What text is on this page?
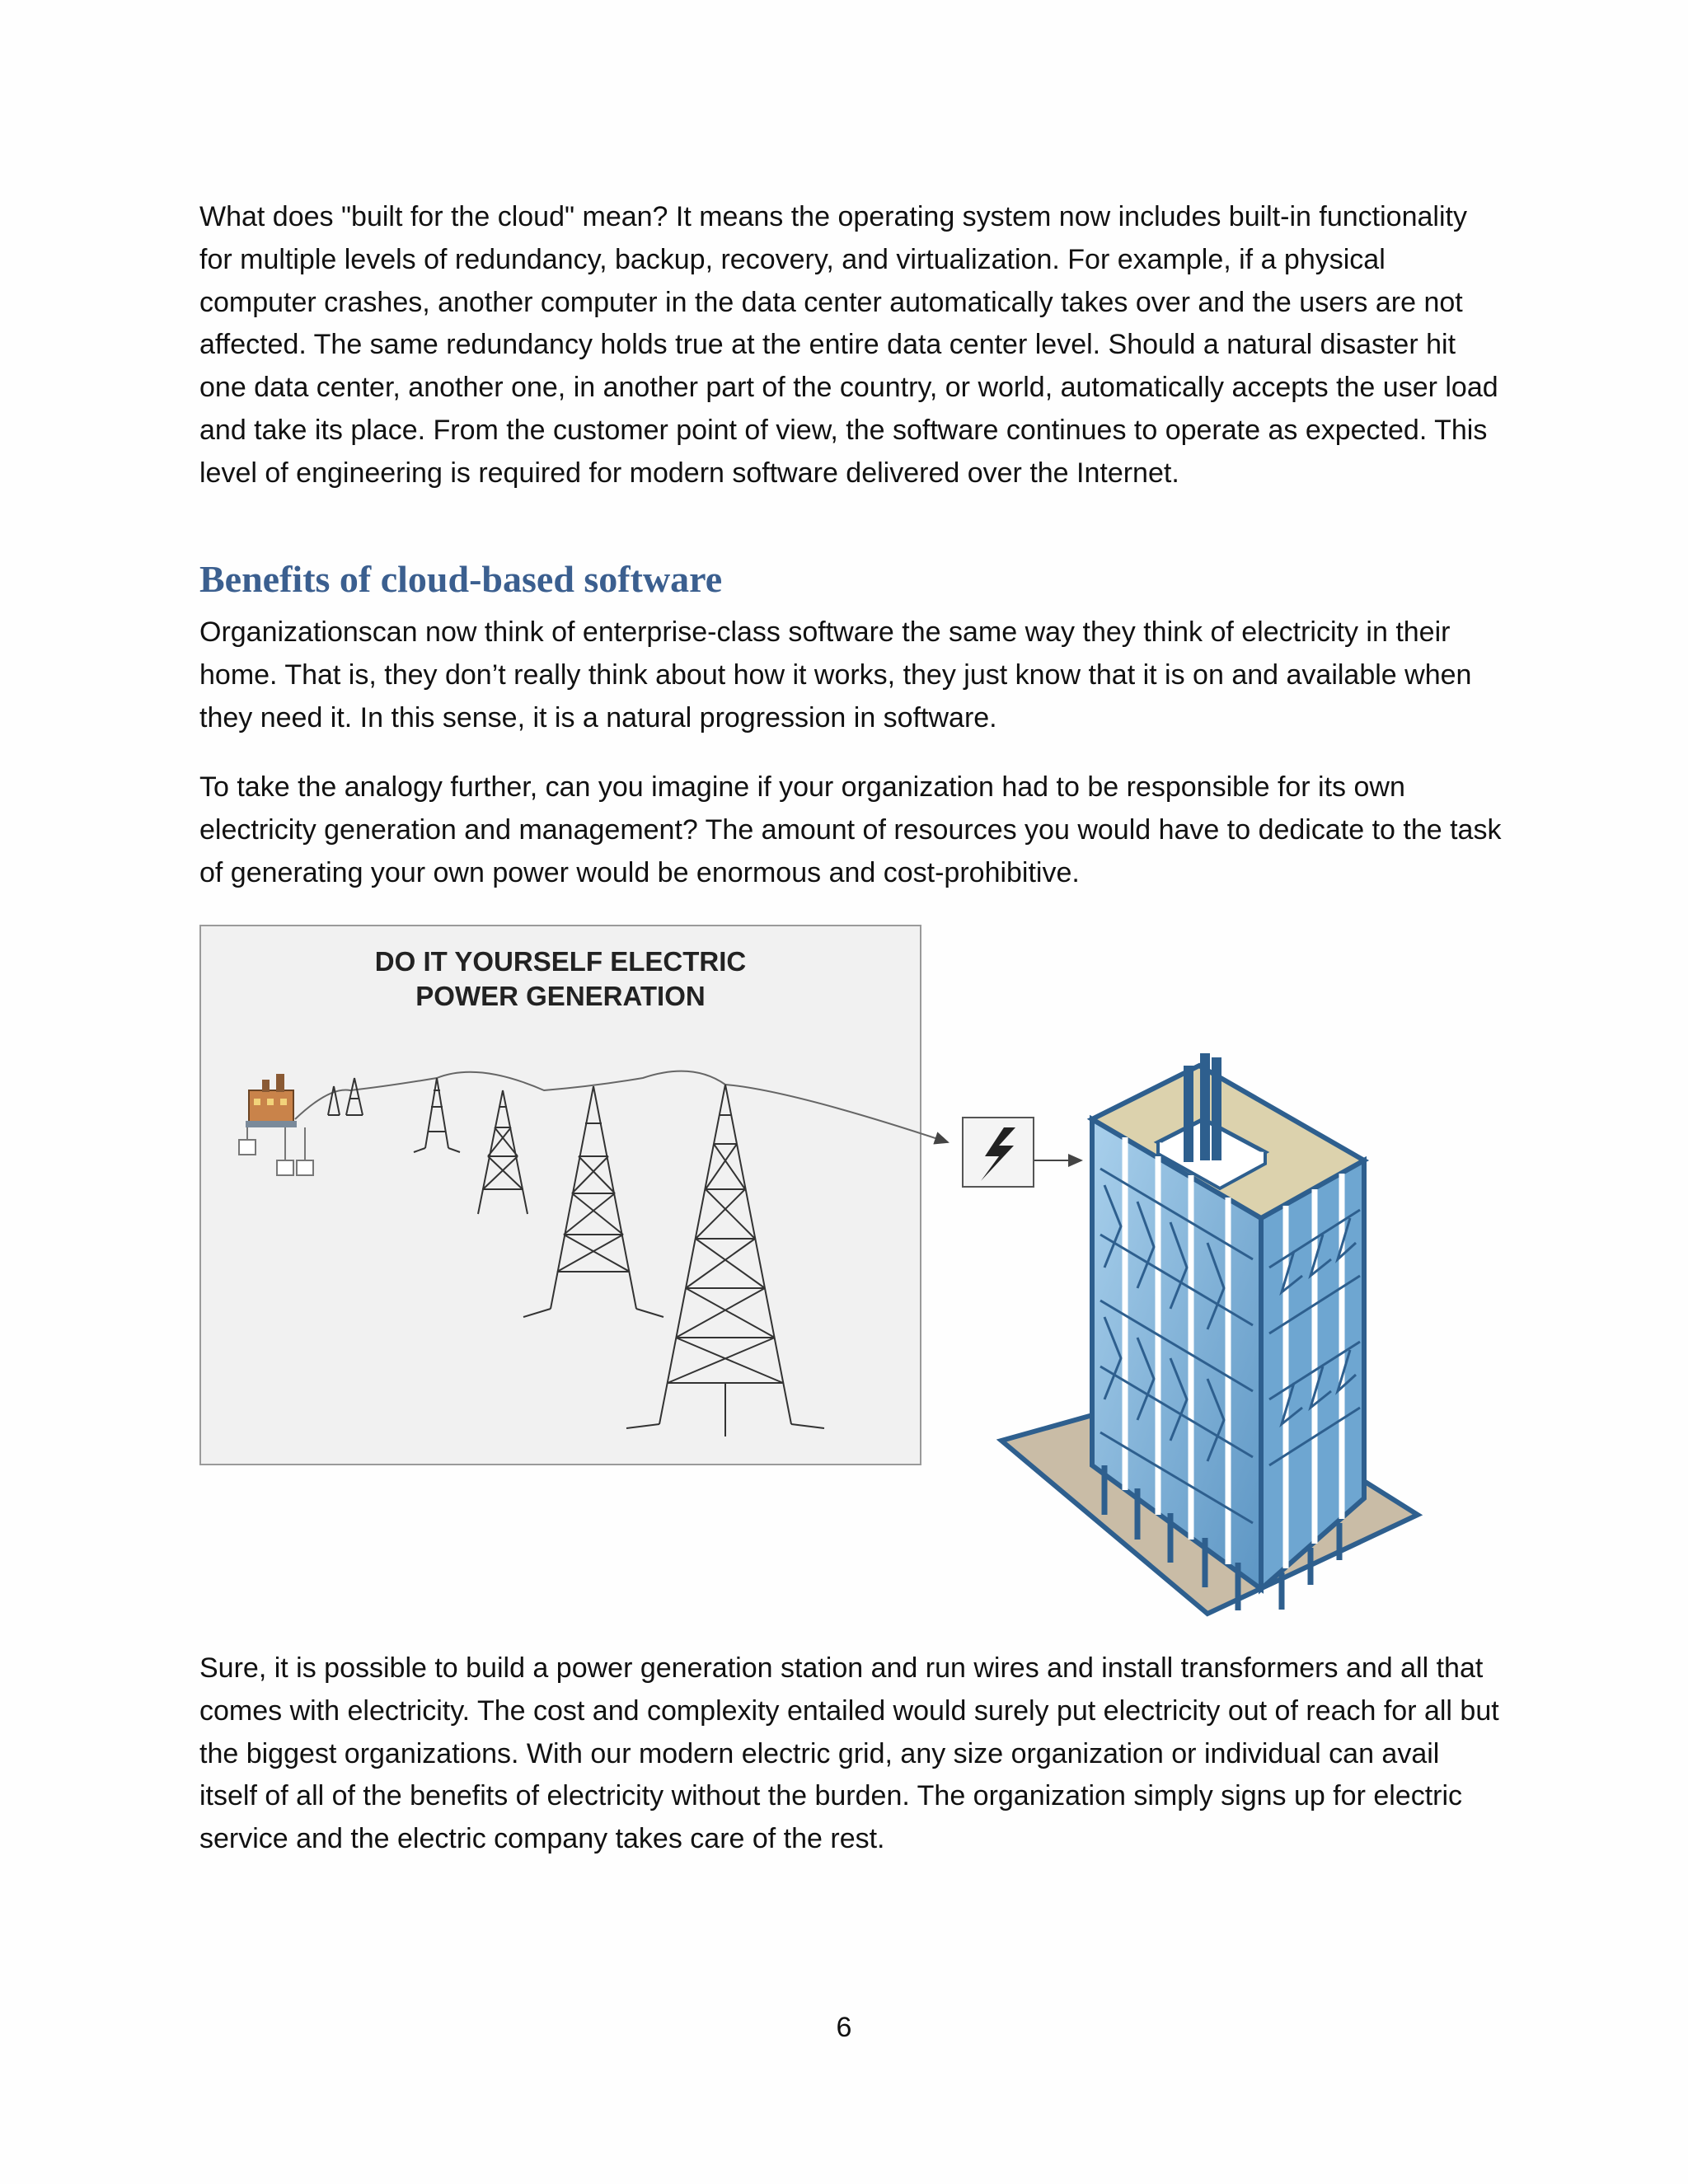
What does "built for the cloud" mean? It means the operating system now includes built-in functionality for multiple levels of redundancy, backup, recovery, and virtualization. For example, if a physical computer crashes, another computer in the data center automatically takes over and the users are not affected. The same redundancy holds true at the entire data center level. Should a natural disaster hit one data center, another one, in another part of the country, or world, automatically accepts the user load and take its place. From the customer point of view, the software continues to operate as expected. This level of engineering is required for modern software delivered over the Internet.

Benefits of cloud-based software

Organizationscan now think of enterprise-class software the same way they think of electricity in their home. That is, they don’t really think about how it works, they just know that it is on and available when they need it. In this sense, it is a natural progression in software.

To take the analogy further, can you imagine if your organization had to be responsible for its own electricity generation and management? The amount of resources you would have to dedicate to the task of generating your own power would be enormous and cost-prohibitive.

DO IT YOURSELF ELECTRIC
POWER GENERATION

Sure, it is possible to build a power generation station and run wires and install transformers and all that comes with electricity. The cost and complexity entailed would surely put electricity out of reach for all but the biggest organizations. With our modern electric grid, any size organization or individual can avail itself of all of the benefits of electricity without the burden. The organization simply signs up for electric service and the electric company takes care of the rest.

6
